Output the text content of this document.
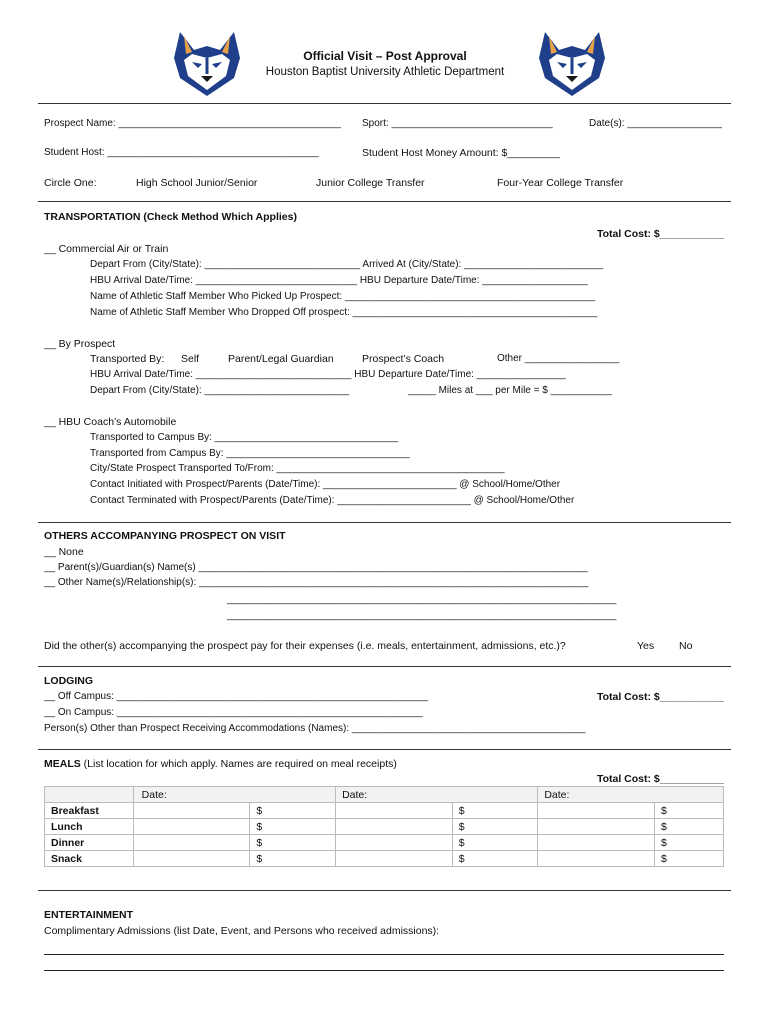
Official Visit – Post Approval
Houston Baptist University Athletic Department
Prospect Name: ________________________________________ Sport: _____________________________	Date(s): _________________
Student Host: ______________________________________	Student Host Money Amount: $_________
Circle One:	High School Junior/Senior	Junior College Transfer	Four-Year College Transfer
TRANSPORTATION (Check Method Which Applies)
Total Cost: $___________
__ Commercial Air or Train
Depart From (City/State): ____________________________ Arrived At (City/State): _________________________
HBU Arrival Date/Time: _____________________________ HBU Departure Date/Time: ___________________
Name of Athletic Staff Member Who Picked Up Prospect: _____________________________________________
Name of Athletic Staff Member Who Dropped Off prospect: ____________________________________________
__ By Prospect
Transported By: Self	Parent/Legal Guardian	Prospect’s Coach	Other _________________
HBU Arrival Date/Time: ____________________________ HBU Departure Date/Time: ________________
Depart From (City/State): __________________________	_____ Miles at ___ per Mile = $ ___________
__ HBU Coach’s Automobile
Transported to Campus By: _________________________________
Transported from Campus By: _________________________________
City/State Prospect Transported To/From: _________________________________________
Contact Initiated with Prospect/Parents (Date/Time): ________________________ @ School/Home/Other
Contact Terminated with Prospect/Parents (Date/Time): ________________________ @ School/Home/Other
OTHERS ACCOMPANYING PROSPECT ON VISIT
__ None
__ Parent(s)/Guardian(s) Name(s) ______________________________________________________________________
__ Other Name(s)/Relationship(s): ______________________________________________________________________
______________________________________________________________________
______________________________________________________________________
Did the other(s) accompanying the prospect pay for their expenses (i.e. meals, entertainment, admissions, etc.)?	Yes No
LODGING
__ Off Campus: ________________________________________________________	Total Cost: $___________
__ On Campus: _______________________________________________________
Person(s) Other than Prospect Receiving Accommodations (Names): __________________________________________
MEALS (List location for which apply. Names are required on meal receipts)
Total Cost: $___________
	Date:		Date:		Date:	
Breakfast		$		$		$
Lunch		$		$		$
Dinner		$		$		$
Snack		$		$		$
ENTERTAINMENT
Complimentary Admissions (list Date, Event, and Persons who received admissions):
